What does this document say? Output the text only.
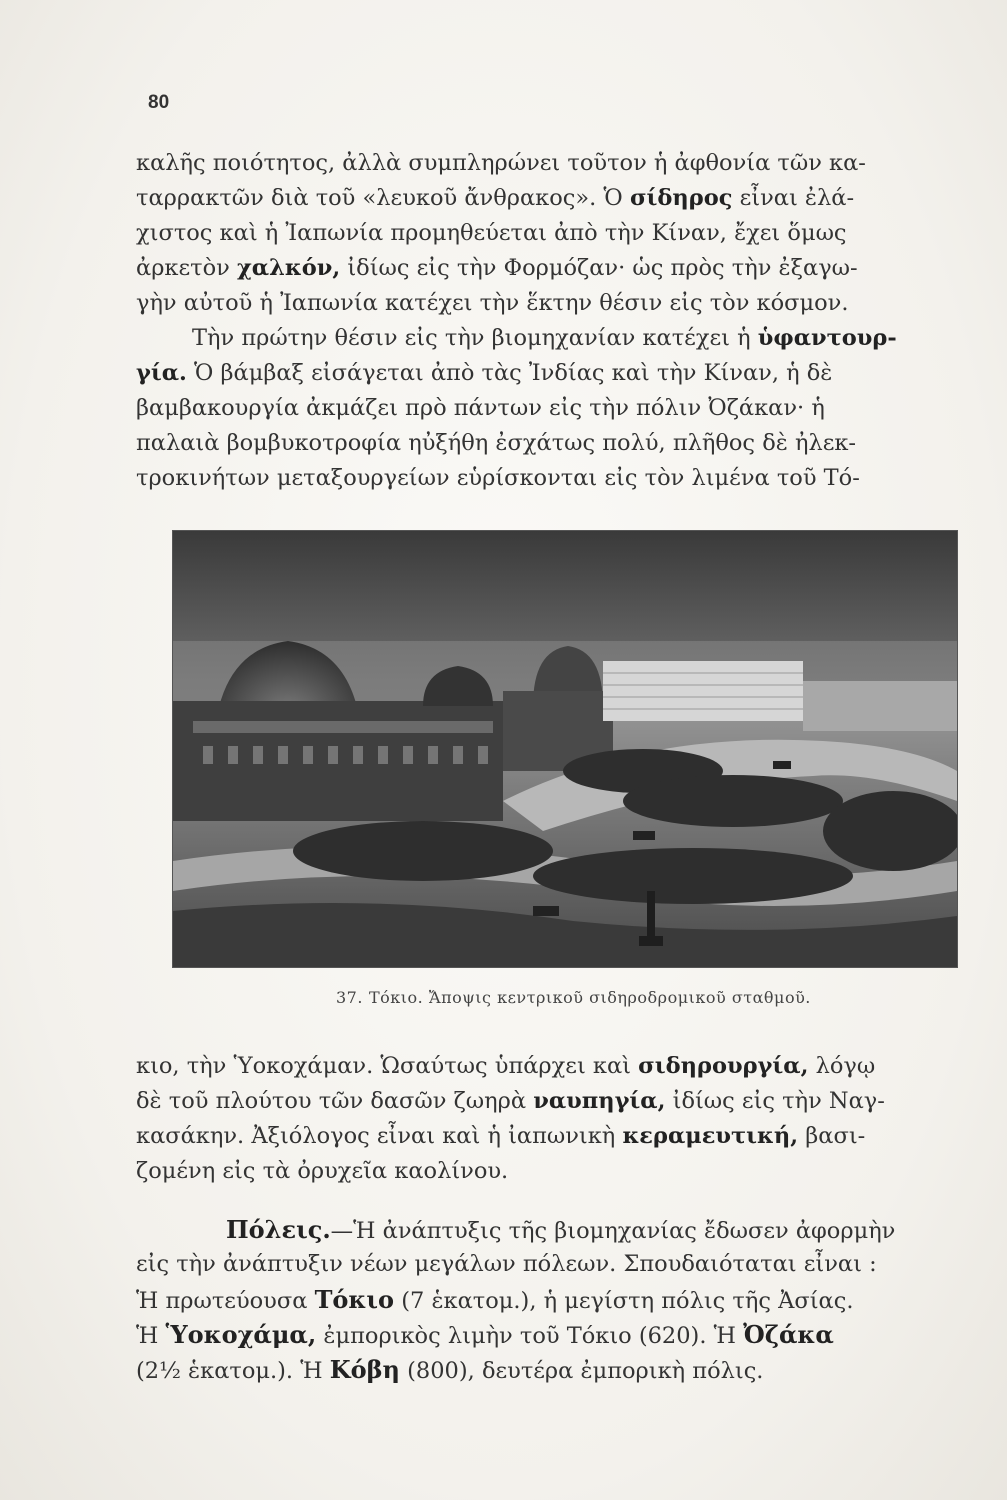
80
καλῆς ποιότητος, ἀλλὰ συμπληρώνει τοῦτον ἡ ἀφθονία τῶν κα-
ταρρακτῶν διὰ τοῦ «λευκοῦ ἄνθρακος». Ὁ σίδηρος εἶναι ἐλά-
χιστος καὶ ἡ Ἰαπωνία προμηθεύεται ἀπὸ τὴν Κίναν, ἔχει ὅμως
ἀρκετὸν χαλκόν, ἰδίως εἰς τὴν Φορμόζαν· ὡς πρὸς τὴν ἐξαγω-
γὴν αὐτοῦ ἡ Ἰαπωνία κατέχει τὴν ἕκτην θέσιν εἰς τὸν κόσμον.
Τὴν πρώτην θέσιν εἰς τὴν βιομηχανίαν κατέχει ἡ ὑφαντουρ-
γία. Ὁ βάμβαξ εἰσάγεται ἀπὸ τὰς Ἰνδίας καὶ τὴν Κίναν, ἡ δὲ
βαμβακουργία ἀκμάζει πρὸ πάντων εἰς τὴν πόλιν Ὀζάκαν· ἡ
παλαιὰ βομβυκοτροφία ηὐξήθη ἐσχάτως πολύ, πλῆθος δὲ ἠλεκ-
τροκινήτων μεταξουργείων εὑρίσκονται εἰς τὸν λιμένα τοῦ Τό-
37. Τόκιο. Ἄποψις κεντρικοῦ σιδηροδρομικοῦ σταθμοῦ.
κιο, τὴν Ὑοκοχάμαν. Ὡσαύτως ὑπάρχει καὶ σιδηρουργία, λόγῳ
δὲ τοῦ πλούτου τῶν δασῶν ζωηρὰ ναυπηγία, ἰδίως εἰς τὴν Ναγ-
κασάκην. Ἀξιόλογος εἶναι καὶ ἡ ἰαπωνικὴ κεραμευτική, βασι-
ζομένη εἰς τὰ ὀρυχεῖα καολίνου.
Πόλεις.—Ἡ ἀνάπτυξις τῆς βιομηχανίας ἔδωσεν ἀφορμὴν
εἰς τὴν ἀνάπτυξιν νέων μεγάλων πόλεων. Σπουδαιόταται εἶναι :
Ἡ πρωτεύουσα Τόκιο (7 ἑκατομ.), ἡ μεγίστη πόλις τῆς Ἀσίας.
Ἡ Ὑοκοχάμα, ἐμπορικὸς λιμὴν τοῦ Τόκιο (620). Ἡ Ὀζάκα
(2½ ἑκατομ.). Ἡ Κόβη (800), δευτέρα ἐμπορικὴ πόλις.
